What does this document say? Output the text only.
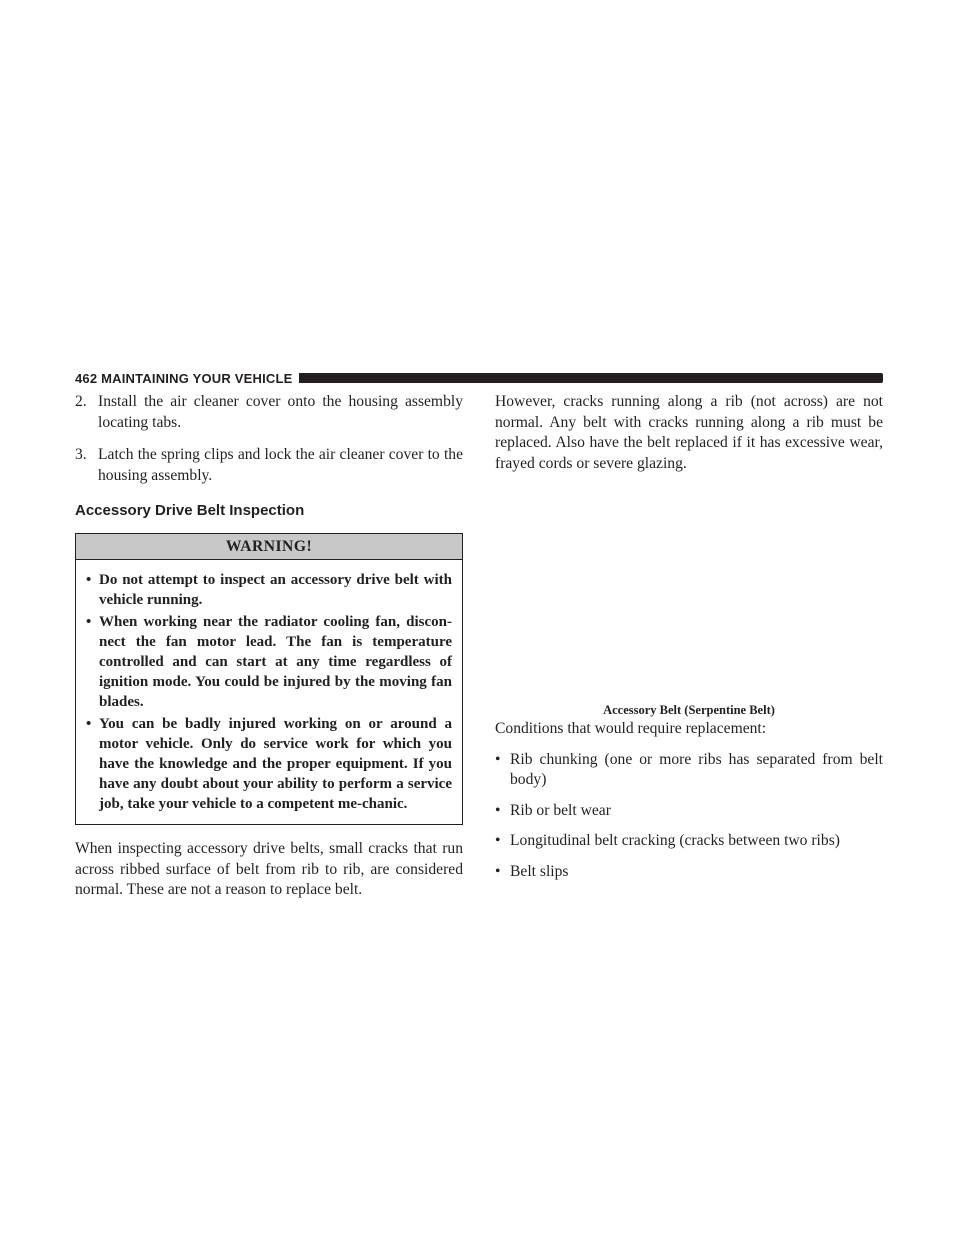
462 MAINTAINING YOUR VEHICLE
2. Install the air cleaner cover onto the housing assembly locating tabs.
3. Latch the spring clips and lock the air cleaner cover to the housing assembly.
Accessory Drive Belt Inspection
WARNING!
• Do not attempt to inspect an accessory drive belt with vehicle running.
• When working near the radiator cooling fan, discon-nect the fan motor lead. The fan is temperature controlled and can start at any time regardless of ignition mode. You could be injured by the moving fan blades.
• You can be badly injured working on or around a motor vehicle. Only do service work for which you have the knowledge and the proper equipment. If you have any doubt about your ability to perform a service job, take your vehicle to a competent me-chanic.

When inspecting accessory drive belts, small cracks that run across ribbed surface of belt from rib to rib, are considered normal. These are not a reason to replace belt.

However, cracks running along a rib (not across) are not normal. Any belt with cracks running along a rib must be replaced. Also have the belt replaced if it has excessive wear, frayed cords or severe glazing.

Accessory Belt (Serpentine Belt)

Conditions that would require replacement:

• Rib chunking (one or more ribs has separated from belt body)
• Rib or belt wear
• Longitudinal belt cracking (cracks between two ribs)
• Belt slips
